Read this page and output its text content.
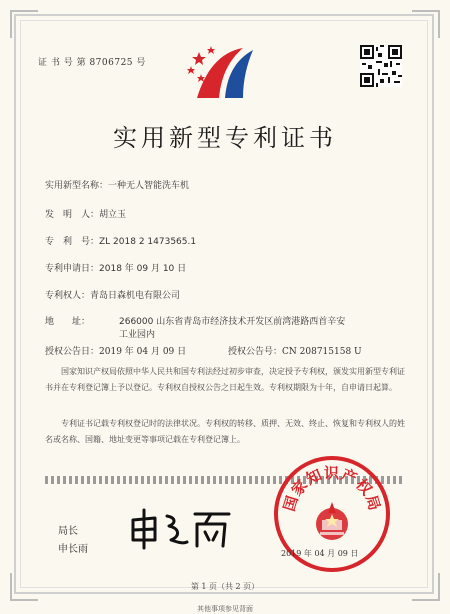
证 书 号 第 8706725 号
实用新型专利证书
实用新型名称：一种无人智能洗车机
发　明　人：胡立玉
专　利　号：ZL 2018 2 1473565.1
专利申请日：2018 年 09 月 10 日
专利权人：青岛日森机电有限公司
地　　址：	266000 山东省青岛市经济技术开发区前湾港路西首辛安
工业园内
授权公告日：2019 年 04 月 09 日	授权公告号：CN 208715158 U
国家知识产权局依照中华人民共和国专利法经过初步审查，决定授予专利权，颁发实用新型专利证书并在专利登记簿上予以登记。专利权自授权公告之日起生效。专利权期限为十年，自申请日起算。
专利证书记载专利权登记时的法律状况。专利权的转移、质押、无效、终止、恢复和专利权人的姓名或名称、国籍、地址变更等事项记载在专利登记簿上。
局长
申长雨
国家知识产权局
2019 年 04 月 09 日
第 1 页（共 2 页）
其他事项参见背面
